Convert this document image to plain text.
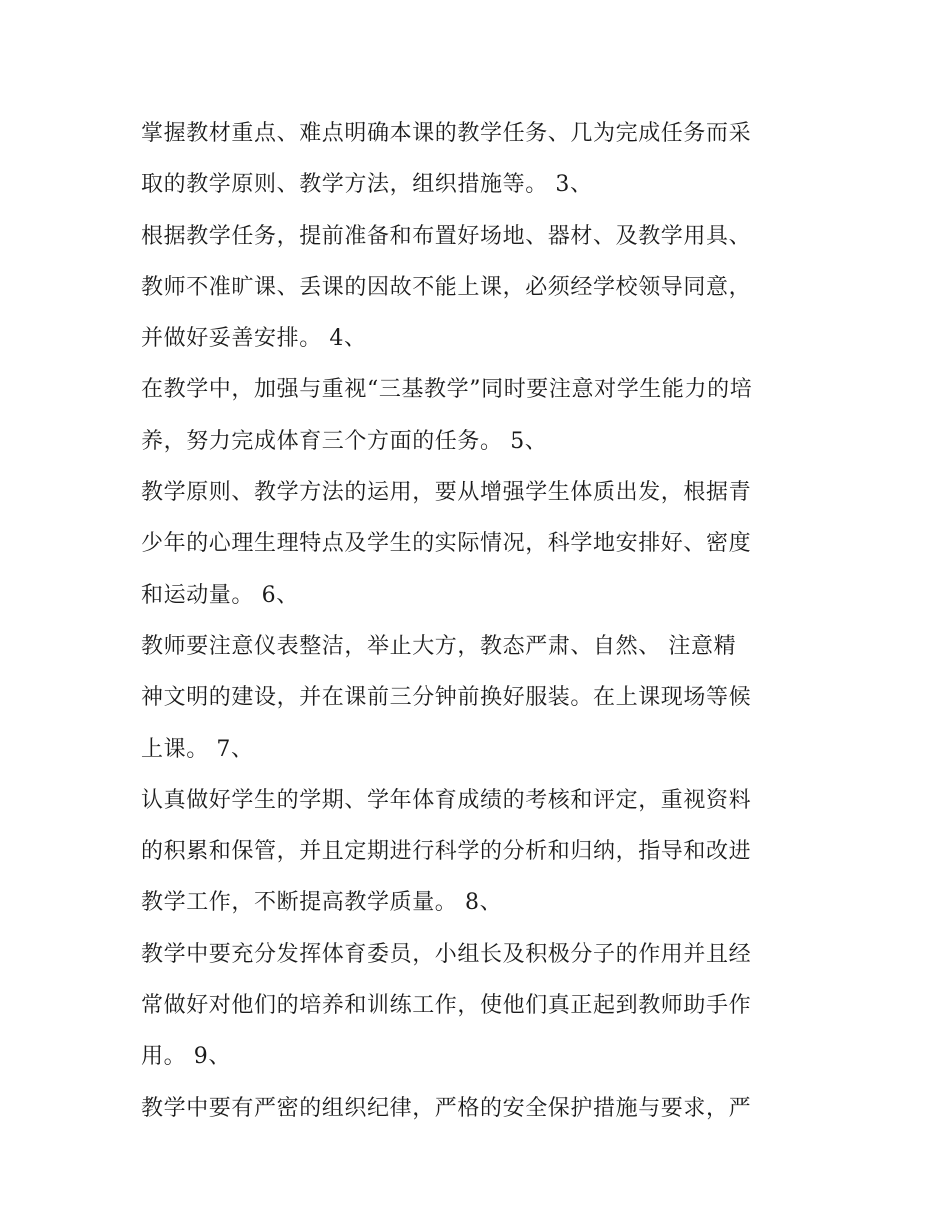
掌握教材重点、难点明确本课的教学任务、几为完成任务而采
取的教学原则、教学方法，组织措施等。 3、
根据教学任务，提前准备和布置好场地、器材、及教学用具、
教师不准旷课、丢课的因故不能上课，必须经学校领导同意，
并做好妥善安排。 4、
在教学中，加强与重视“三基教学”同时要注意对学生能力的培
养，努力完成体育三个方面的任务。 5、
教学原则、教学方法的运用，要从增强学生体质出发，根据青
少年的心理生理特点及学生的实际情况，科学地安排好、密度
和运动量。 6、
教师要注意仪表整洁，举止大方，教态严肃、自然、 注意精
神文明的建设，并在课前三分钟前换好服装。在上课现场等候
上课。 7、
认真做好学生的学期、学年体育成绩的考核和评定，重视资料
的积累和保管，并且定期进行科学的分析和归纳，指导和改进
教学工作，不断提高教学质量。 8、
教学中要充分发挥体育委员，小组长及积极分子的作用并且经
常做好对他们的培养和训练工作，使他们真正起到教师助手作
用。 9、
教学中要有严密的组织纪律，严格的安全保护措施与要求，严
